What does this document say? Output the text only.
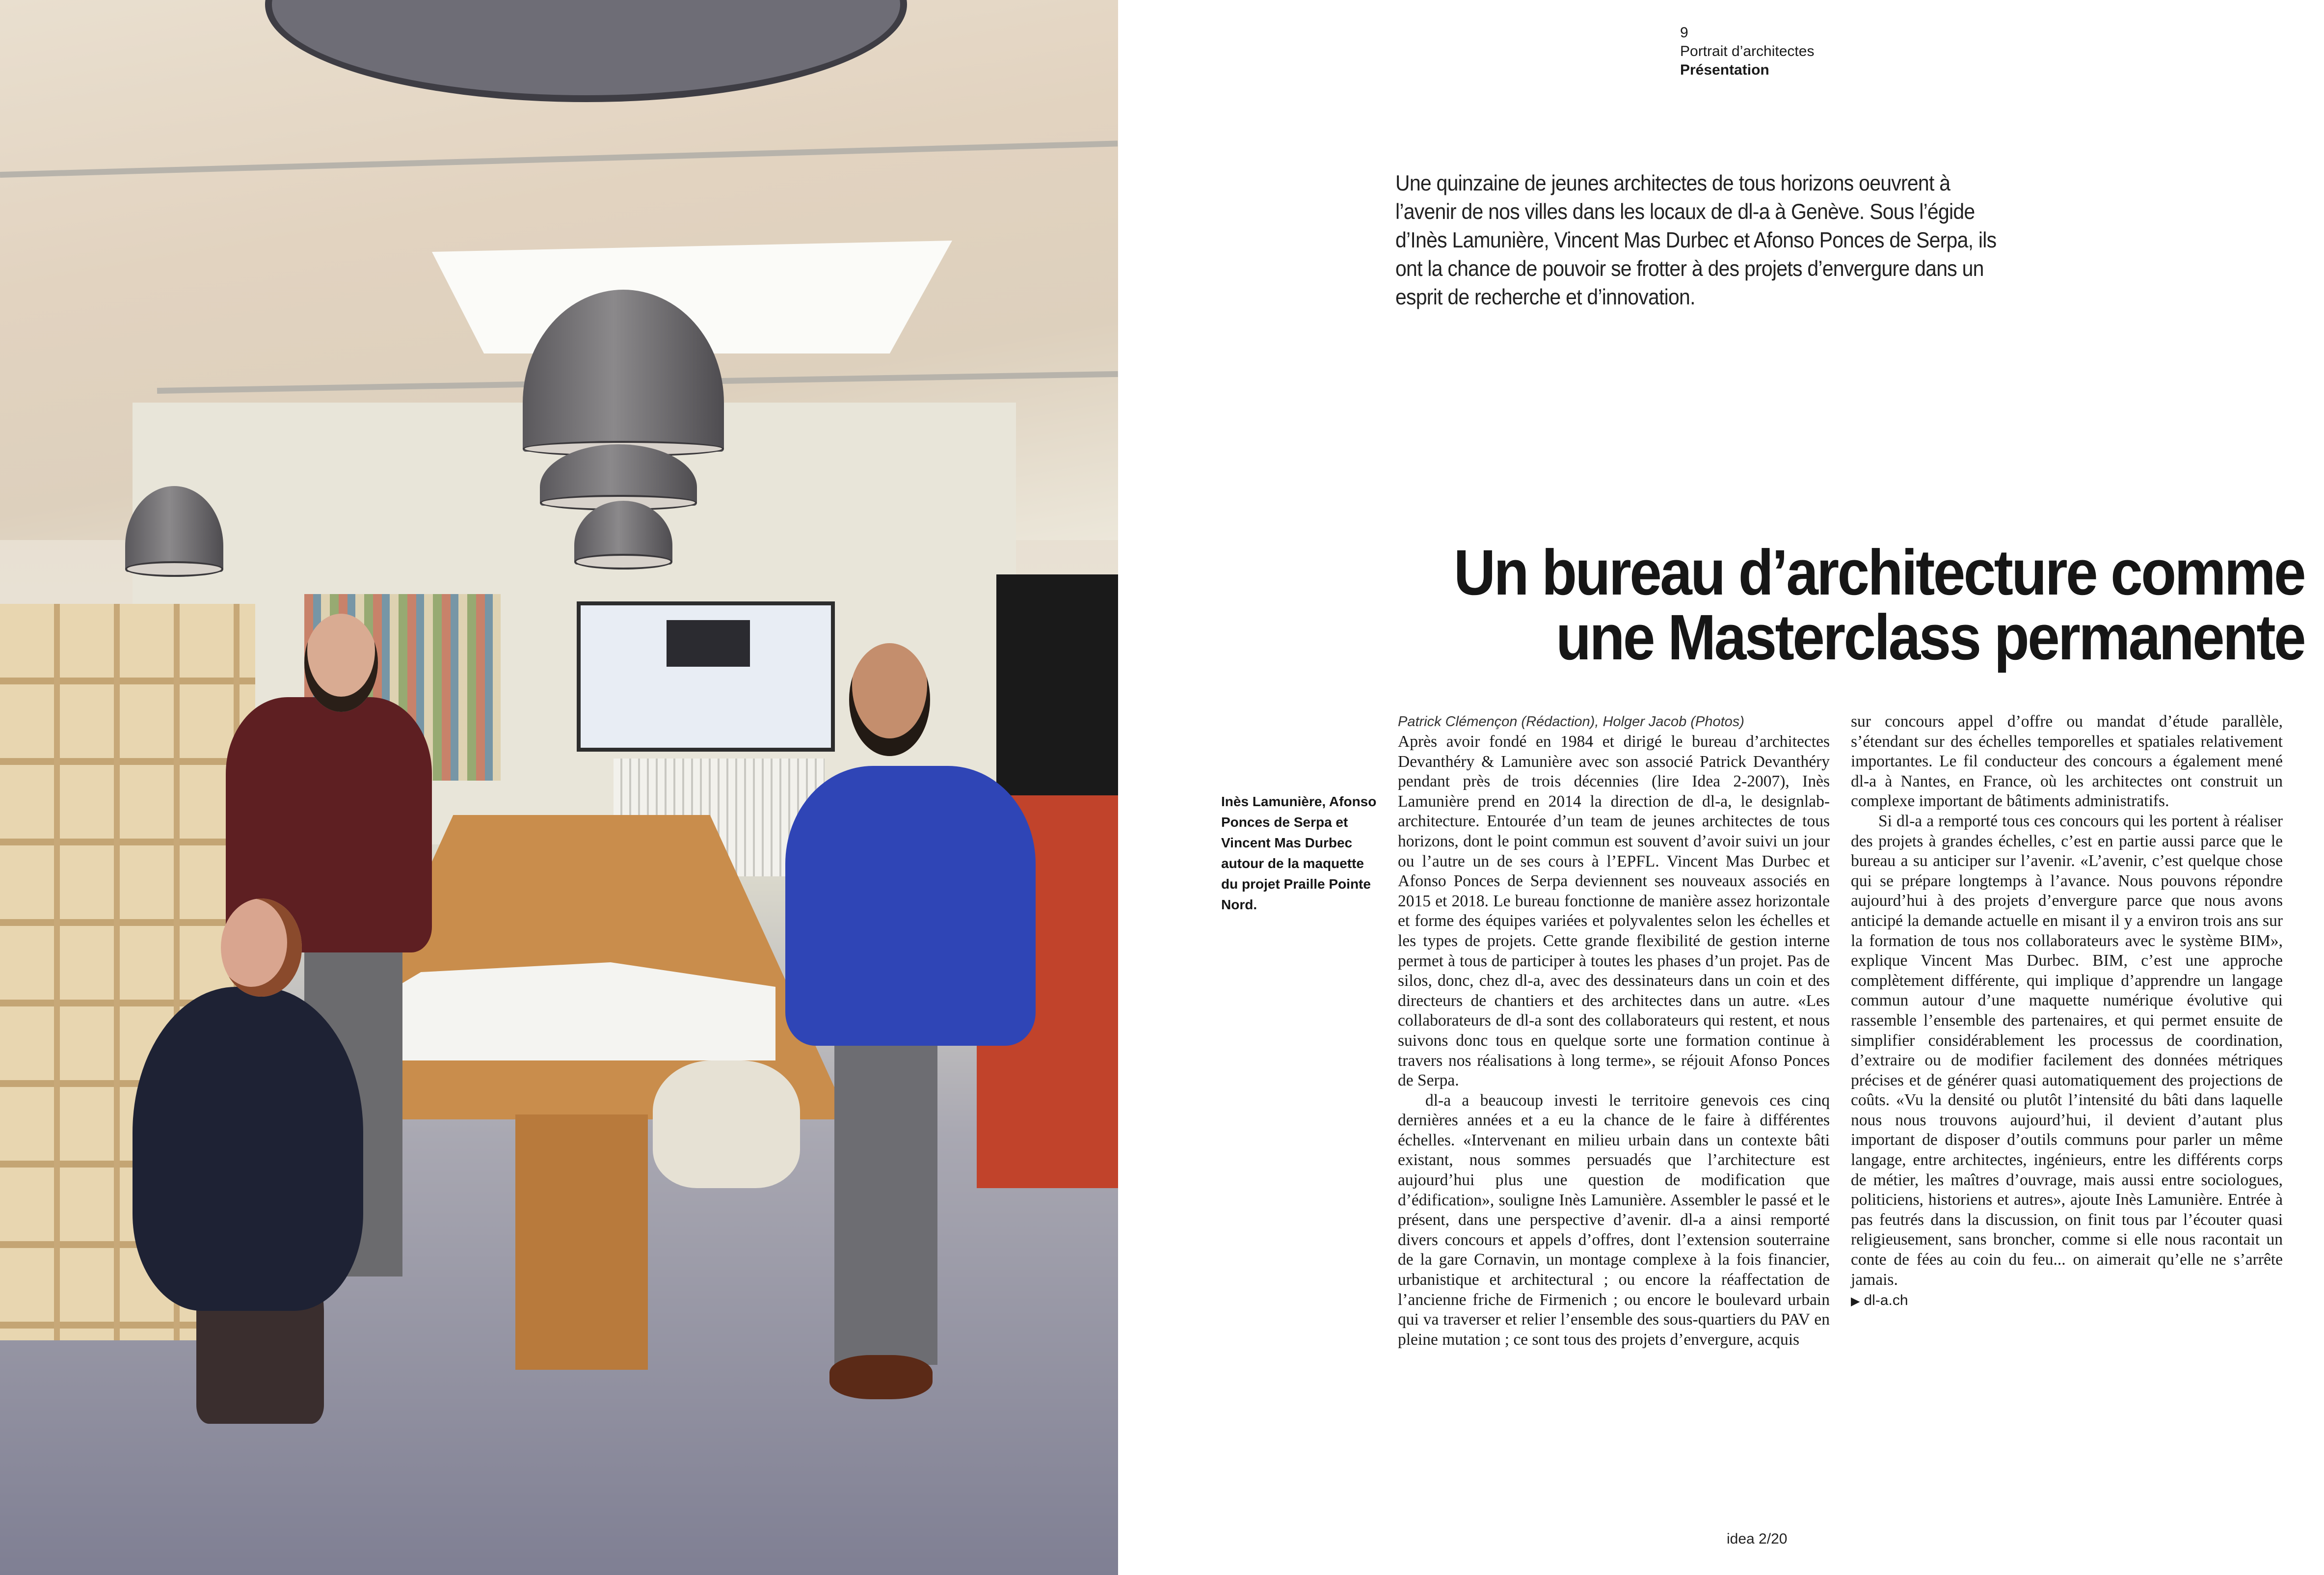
9
Portrait d’architectes
Présentation
Une quinzaine de jeunes architectes de tous horizons oeuvrent à l’avenir de nos villes dans les locaux de dl-a à Genève. Sous l’égide d’Inès Lamunière, Vincent Mas Durbec et Afonso Ponces de Serpa, ils ont la chance de pouvoir se frotter à des projets d’envergure dans un esprit de recherche et d’innovation.
Un bureau d’architecture comme
une Masterclass permanente
Inès Lamunière, Afonso Ponces de Serpa et Vincent Mas Durbec autour de la maquette du projet Praille Pointe Nord.
Patrick Clémençon (Rédaction), Holger Jacob (Photos)

Après avoir fondé en 1984 et dirigé le bureau d’architectes Devanthéry & Lamunière avec son associé Patrick Devanthéry pendant près de trois décennies (lire Idea 2-2007), Inès Lamunière prend en 2014 la direction de dl-a, le designlab-architecture. Entourée d’un team de jeunes architectes de tous horizons, dont le point commun est souvent d’avoir suivi un jour ou l’autre un de ses cours à l’EPFL. Vincent Mas Durbec et Afonso Ponces de Serpa deviennent ses nouveaux associés en 2015 et 2018. Le bureau fonctionne de manière assez horizontale et forme des équipes variées et polyvalentes selon les échelles et les types de projets. Cette grande flexibilité de gestion interne permet à tous de participer à toutes les phases d’un projet. Pas de silos, donc, chez dl-a, avec des dessinateurs dans un coin et des directeurs de chantiers et des architectes dans un autre. «Les collaborateurs de dl-a sont des collaborateurs qui restent, et nous suivons donc tous en quelque sorte une formation continue à travers nos réalisations à long terme», se réjouit Afonso Ponces de Serpa.

dl-a a beaucoup investi le territoire genevois ces cinq dernières années et a eu la chance de le faire à différentes échelles. «Intervenant en milieu urbain dans un contexte bâti existant, nous sommes persuadés que l’architecture est aujourd’hui plus une question de modification que d’édification», souligne Inès Lamunière. Assembler le passé et le présent, dans une perspective d’avenir. dl-a a ainsi remporté divers concours et appels d’offres, dont l’extension souterraine de la gare Cornavin, un montage complexe à la fois financier, urbanistique et architectural ; ou encore la réaffectation de l’ancienne friche de Firmenich ; ou encore le boulevard urbain qui va traverser et relier l’ensemble des sous-quartiers du PAV en pleine mutation ; ce sont tous des projets d’envergure, acquis

sur concours appel d’offre ou mandat d’étude parallèle, s’étendant sur des échelles temporelles et spatiales relativement importantes. Le fil conducteur des concours a également mené dl-a à Nantes, en France, où les architectes ont construit un complexe important de bâtiments administratifs.

Si dl-a a remporté tous ces concours qui les portent à réaliser des projets à grandes échelles, c’est en partie aussi parce que le bureau a su anticiper sur l’avenir. «L’avenir, c’est quelque chose qui se prépare longtemps à l’avance. Nous pouvons répondre aujourd’hui à des projets d’envergure parce que nous avons anticipé la demande actuelle en misant il y a environ trois ans sur la formation de tous nos collaborateurs avec le système BIM», explique Vincent Mas Durbec. BIM, c’est une approche complètement différente, qui implique d’apprendre un langage commun autour d’une maquette numérique évolutive qui rassemble l’ensemble des partenaires, et qui permet ensuite de simplifier considérablement les processus de coordination, d’extraire ou de modifier facilement des données métriques précises et de générer quasi automatiquement des projections de coûts. «Vu la densité ou plutôt l’intensité du bâti dans laquelle nous nous trouvons aujourd’hui, il devient d’autant plus important de disposer d’outils communs pour parler un même langage, entre architectes, ingénieurs, entre les différents corps de métier, les maîtres d’ouvrage, mais aussi entre sociologues, politiciens, historiens et autres», ajoute Inès Lamunière. Entrée à pas feutrés dans la discussion, on finit tous par l’écouter quasi religieusement, sans broncher, comme si elle nous racontait un conte de fées au coin du feu... on aimerait qu’elle ne s’arrête jamais.

▶ dl-a.ch
idea 2/20
